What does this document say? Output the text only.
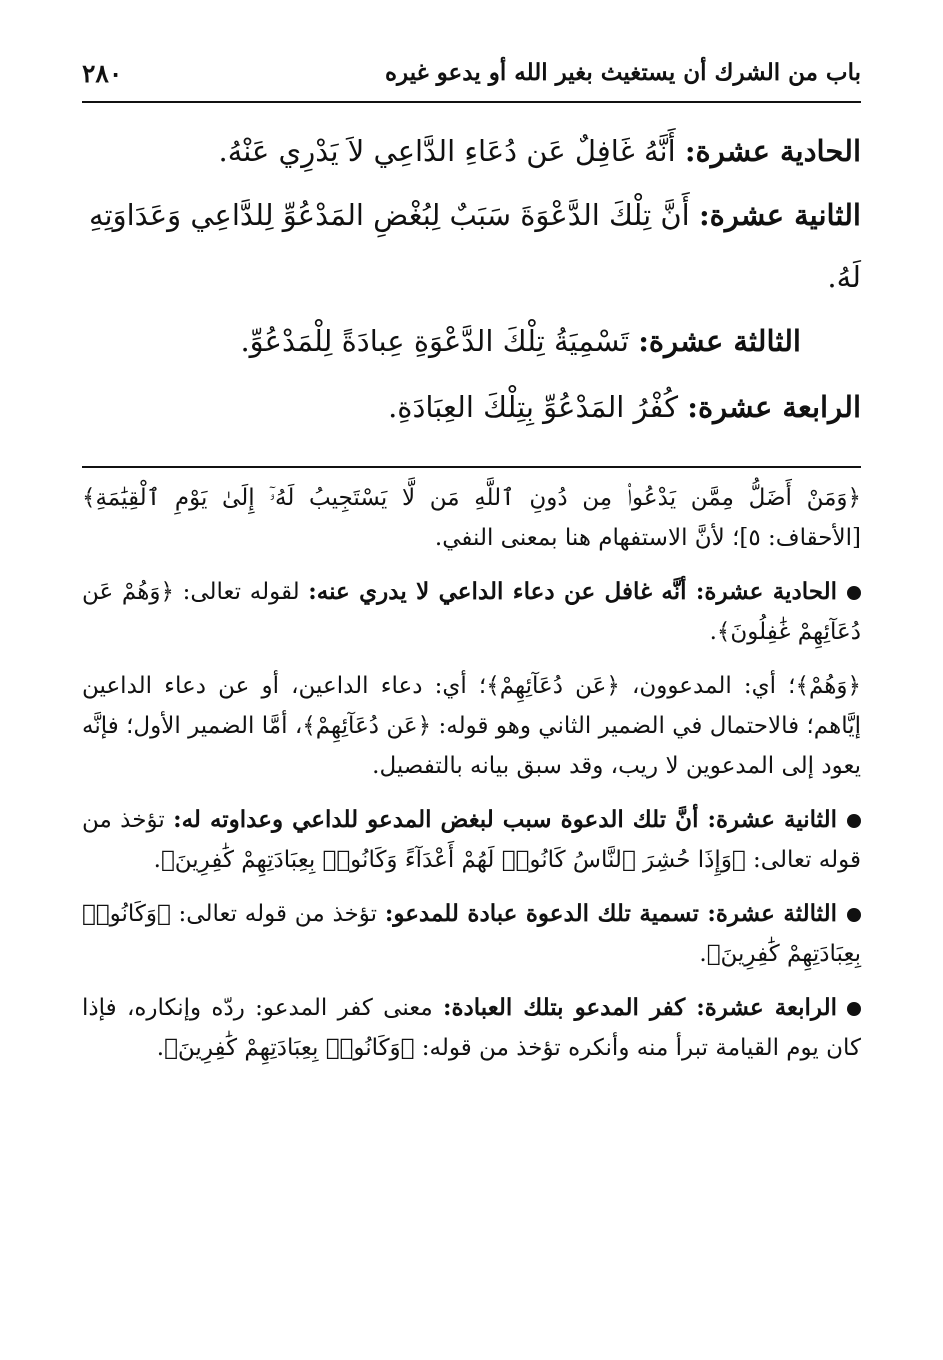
باب من الشرك أن يستغيث بغير الله أو يدعو غيره
٢٨٠

الحادية عشرة: أَنَّهُ غَافِلٌ عَن دُعَاءِ الدَّاعِي لاَ يَدْرِي عَنْهُ.

الثانية عشرة: أَنَّ تِلْكَ الدَّعْوَةَ سَبَبٌ لِبُغْضِ المَدْعُوِّ لِلدَّاعِي وَعَدَاوَتِهِ لَهُ.

الثالثة عشرة: تَسْمِيَةُ تِلْكَ الدَّعْوَةِ عِبادَةً لِلْمَدْعُوِّ.

الرابعة عشرة: كُفْرُ المَدْعُوِّ بِتِلْكَ العِبَادَةِ.

﴿وَمَنْ أَضَلُّ مِمَّن يَدْعُوا۟ مِن دُونِ ٱللَّهِ مَن لَّا يَسْتَجِيبُ لَهُۥٓ إِلَىٰ يَوْمِ ٱلْقِيَٰمَةِ﴾ [الأحقاف: ٥]؛ لأنَّ الاستفهام هنا بمعنى النفي.

الحادية عشرة: أنَّه غافل عن دعاء الداعي لا يدري عنه: لقوله تعالى: ﴿وَهُمْ عَن دُعَآئِهِمْ غَٰفِلُونَ﴾.

﴿وَهُمْ﴾؛ أي: المدعوون، ﴿عَن دُعَآئِهِمْ﴾؛ أي: دعاء الداعين، أو عن دعاء الداعين إيَّاهم؛ فالاحتمال في الضمير الثاني وهو قوله: ﴿عَن دُعَآئِهِمْ﴾، أمَّا الضمير الأول؛ فإنَّه يعود إلى المدعوين لا ريب، وقد سبق بيانه بالتفصيل.

الثانية عشرة: أنَّ تلك الدعوة سبب لبغض المدعو للداعي وعداوته له: تؤخذ من قوله تعالى: ﴿وَإِذَا حُشِرَ ٱلنَّاسُ كَانُوا۟ لَهُمْ أَعْدَآءً وَكَانُوا۟ بِعِبَادَتِهِمْ كَٰفِرِينَ﴾.

الثالثة عشرة: تسمية تلك الدعوة عبادة للمدعو: تؤخذ من قوله تعالى: ﴿وَكَانُوا۟ بِعِبَادَتِهِمْ كَٰفِرِينَ﴾.

الرابعة عشرة: كفر المدعو بتلك العبادة: معنى كفر المدعو: ردّه وإنكاره، فإذا كان يوم القيامة تبرأ منه وأنكره تؤخذ من قوله: ﴿وَكَانُوا۟ بِعِبَادَتِهِمْ كَٰفِرِينَ﴾.
